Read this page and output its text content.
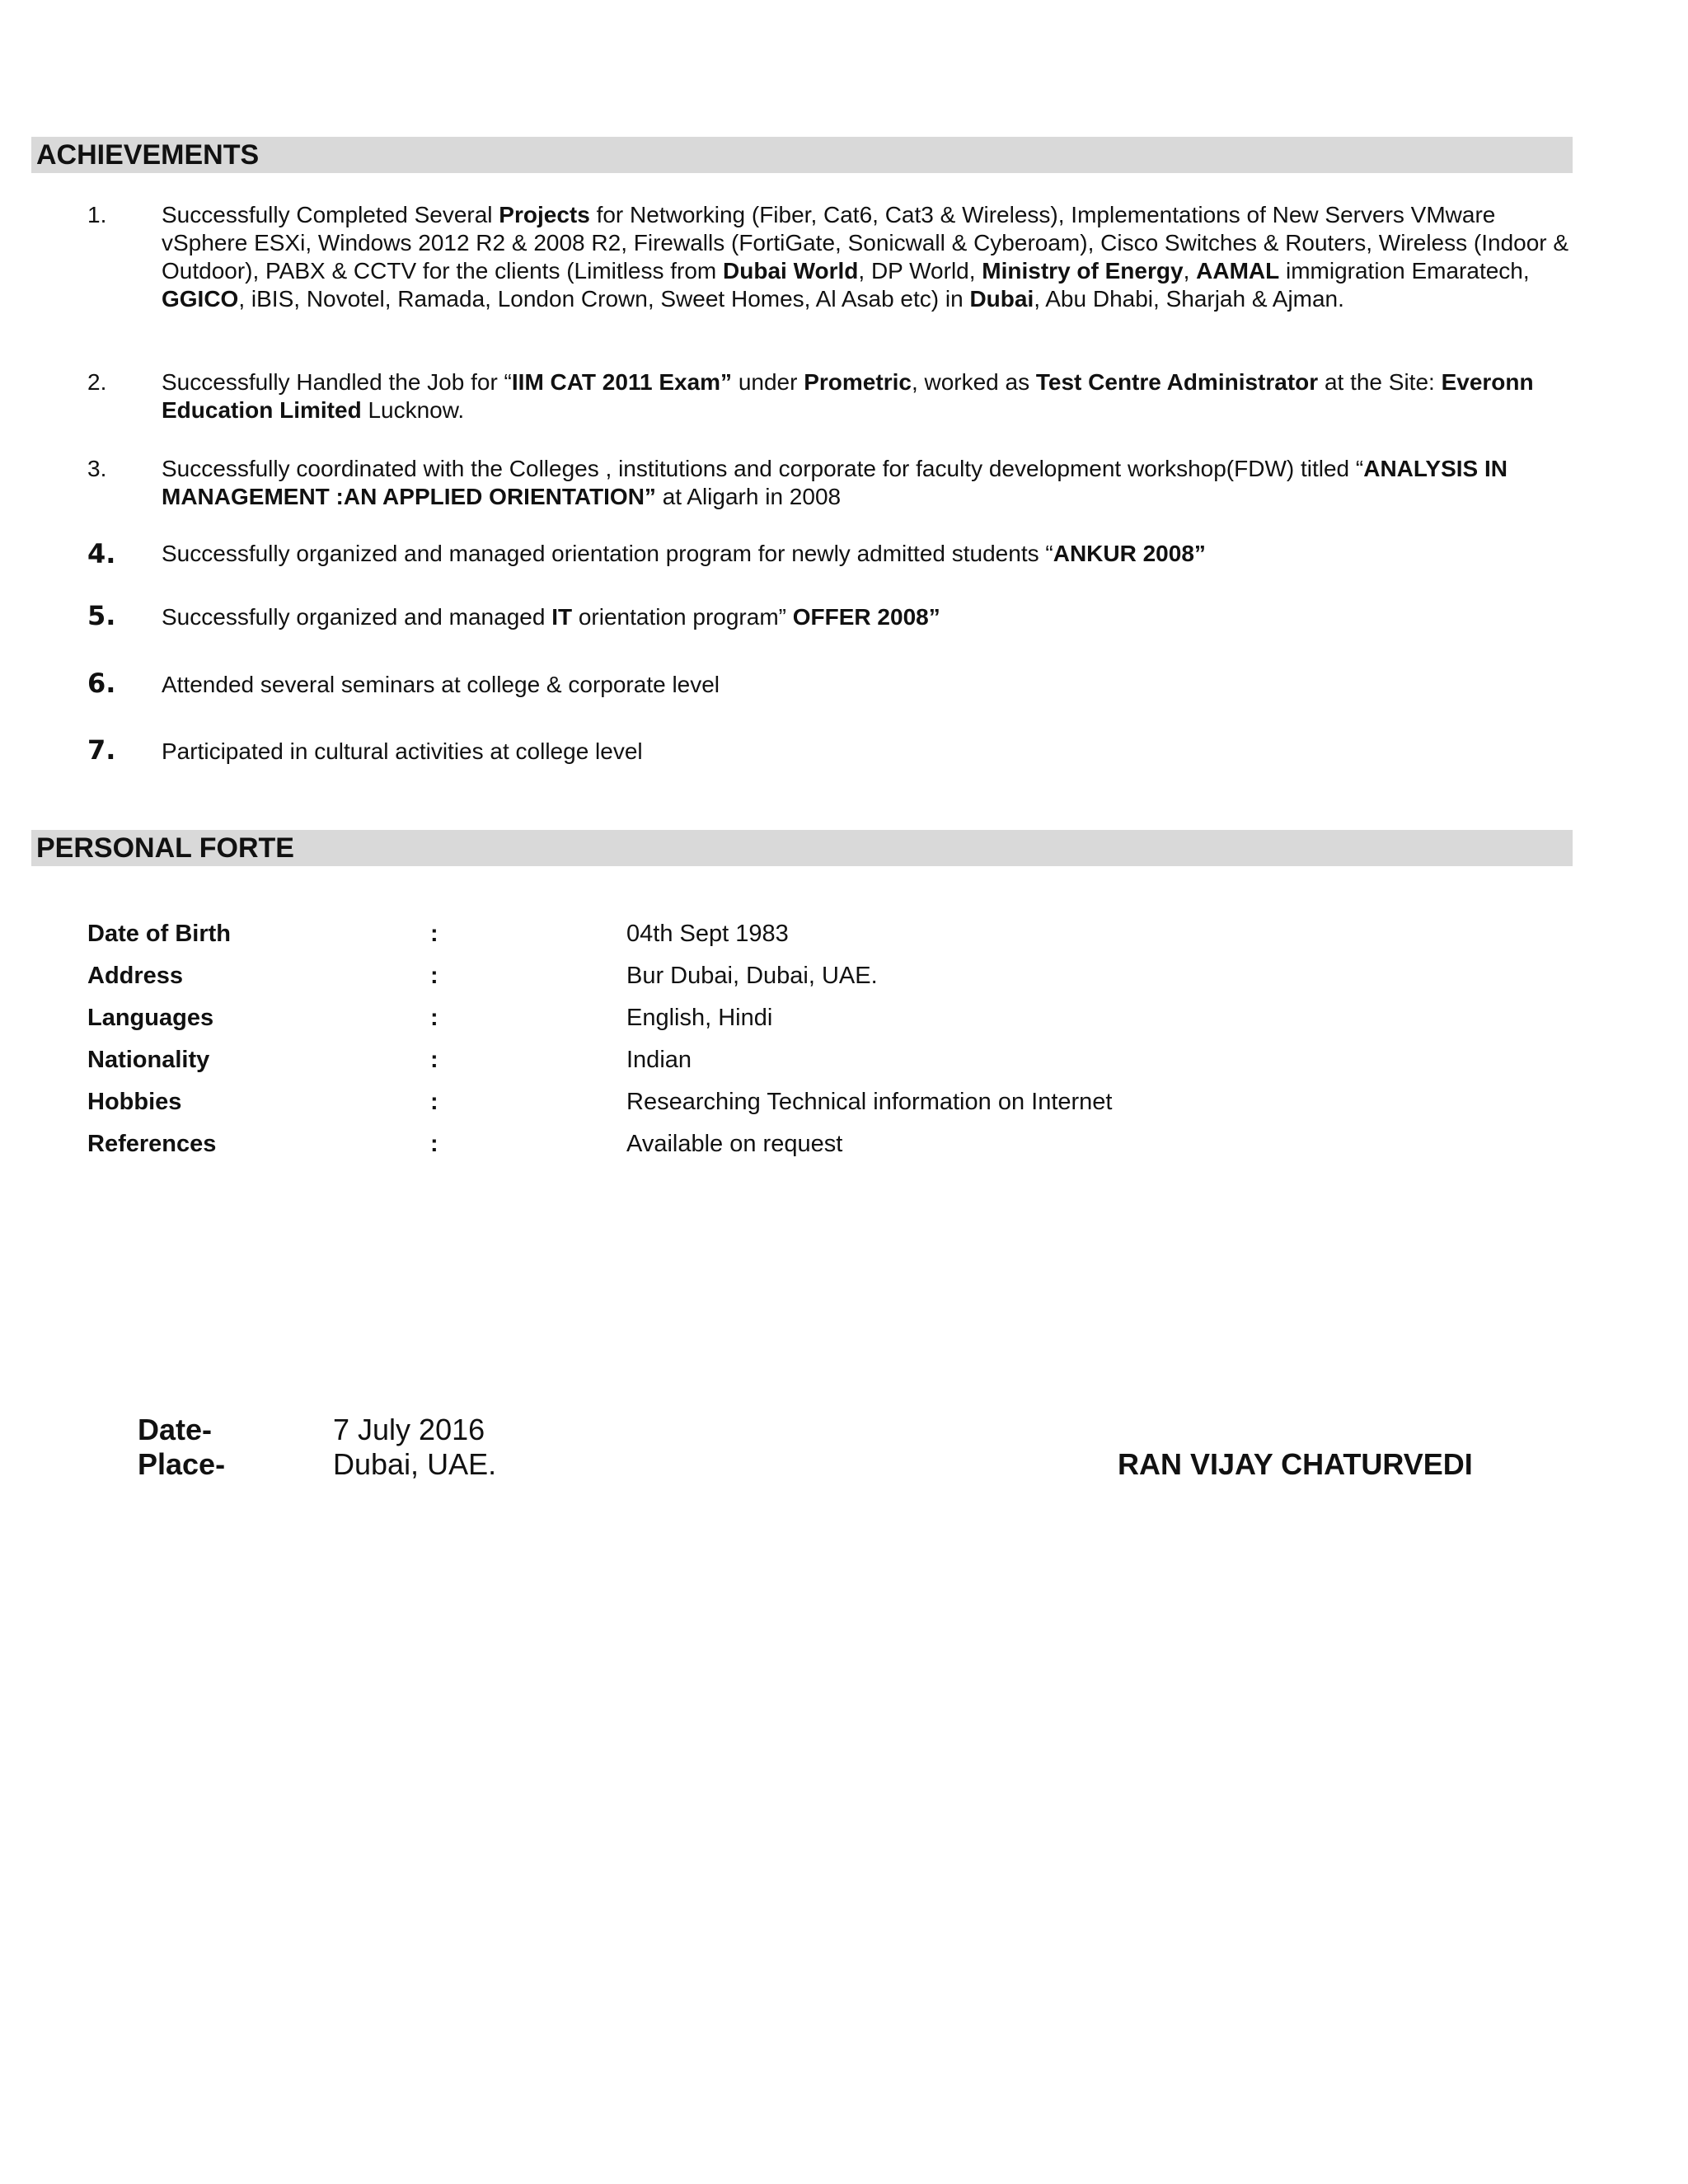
ACHIEVEMENTS
1. Successfully Completed Several Projects for Networking (Fiber, Cat6, Cat3 & Wireless), Implementations of New Servers VMware vSphere ESXi, Windows 2012 R2 & 2008 R2, Firewalls (FortiGate, Sonicwall & Cyberoam), Cisco Switches & Routers, Wireless (Indoor & Outdoor), PABX & CCTV for the clients (Limitless from Dubai World, DP World, Ministry of Energy, AAMAL immigration Emaratech, GGICO, iBIS, Novotel, Ramada, London Crown, Sweet Homes, Al Asab etc) in Dubai, Abu Dhabi, Sharjah & Ajman.
2. Successfully Handled the Job for “IIM CAT 2011 Exam” under Prometric, worked as Test Centre Administrator at the Site: Everonn Education Limited Lucknow.
3. Successfully coordinated with the Colleges , institutions and corporate for faculty development workshop(FDW) titled “ANALYSIS IN MANAGEMENT :AN APPLIED ORIENTATION” at Aligarh in 2008
4. Successfully organized and managed orientation program for newly admitted students “ANKUR 2008”
5. Successfully organized and managed IT orientation program” OFFER 2008”
6. Attended several seminars at college & corporate level
7. Participated in cultural activities at college level
PERSONAL FORTE
Date of Birth	:	04th Sept 1983
Address	:	Bur Dubai, Dubai, UAE.
Languages	:	English, Hindi
Nationality	:	Indian
Hobbies	:	Researching Technical information on Internet
References	:	Available on request
Date-	7 July 2016
Place-	Dubai, UAE.	RAN VIJAY CHATURVEDI
